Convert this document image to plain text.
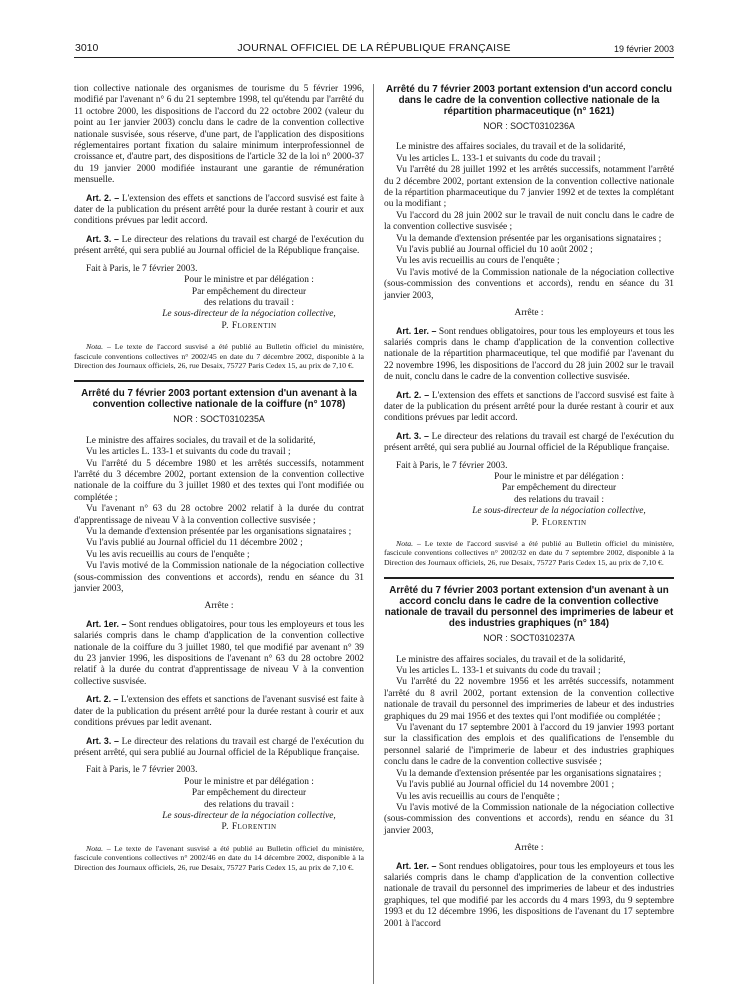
3010	JOURNAL OFFICIEL DE LA RÉPUBLIQUE FRANÇAISE	19 février 2003

tion collective nationale des organismes de tourisme du 5 février 1996, modifié par l'avenant n° 6 du 21 septembre 1998, tel qu'étendu par l'arrêté du 11 octobre 2000, les dispositions de l'accord du 22 octobre 2002 (valeur du point au 1er janvier 2003) conclu dans le cadre de la convention collective nationale susvisée, sous réserve, d'une part, de l'application des dispositions réglementaires portant fixation du salaire minimum interprofessionnel de croissance et, d'autre part, des dispositions de l'article 32 de la loi n° 2000-37 du 19 janvier 2000 modifiée instaurant une garantie de rémunération mensuelle.

Art. 2. – L'extension des effets et sanctions de l'accord susvisé est faite à dater de la publication du présent arrêté pour la durée restant à courir et aux conditions prévues par ledit accord.

Art. 3. – Le directeur des relations du travail est chargé de l'exécution du présent arrêté, qui sera publié au Journal officiel de la République française.

Fait à Paris, le 7 février 2003.

Pour le ministre et par délégation :
Par empêchement du directeur
des relations du travail :
Le sous-directeur de la négociation collective,
P. Florentin

Nota. – Le texte de l'accord susvisé a été publié au Bulletin officiel du ministère, fascicule conventions collectives n° 2002/45 en date du 7 décembre 2002, disponible à la Direction des Journaux officiels, 26, rue Desaix, 75727 Paris Cedex 15, au prix de 7,10 €.

Arrêté du 7 février 2003 portant extension d'un avenant à la convention collective nationale de la coiffure (n° 1078)
NOR : SOCT0310235A

Le ministre des affaires sociales, du travail et de la solidarité,

Vu les articles L. 133-1 et suivants du code du travail ;

Vu l'arrêté du 5 décembre 1980 et les arrêtés successifs, notamment l'arrêté du 3 décembre 2002, portant extension de la convention collective nationale de la coiffure du 3 juillet 1980 et des textes qui l'ont modifiée ou complétée ;

Vu l'avenant n° 63 du 28 octobre 2002 relatif à la durée du contrat d'apprentissage de niveau V à la convention collective susvisée ;

Vu la demande d'extension présentée par les organisations signataires ;

Vu l'avis publié au Journal officiel du 11 décembre 2002 ;

Vu les avis recueillis au cours de l'enquête ;

Vu l'avis motivé de la Commission nationale de la négociation collective (sous-commission des conventions et accords), rendu en séance du 31 janvier 2003,

Arrête :

Art. 1er. – Sont rendues obligatoires, pour tous les employeurs et tous les salariés compris dans le champ d'application de la convention collective nationale de la coiffure du 3 juillet 1980, tel que modifié par avenant n° 39 du 23 janvier 1996, les dispositions de l'avenant n° 63 du 28 octobre 2002 relatif à la durée du contrat d'apprentissage de niveau V à la convention collective susvisée.

Art. 2. – L'extension des effets et sanctions de l'avenant susvisé est faite à dater de la publication du présent arrêté pour la durée restant à courir et aux conditions prévues par ledit avenant.

Art. 3. – Le directeur des relations du travail est chargé de l'exécution du présent arrêté, qui sera publié au Journal officiel de la République française.

Fait à Paris, le 7 février 2003.

Pour le ministre et par délégation :
Par empêchement du directeur
des relations du travail :
Le sous-directeur de la négociation collective,
P. Florentin

Nota. – Le texte de l'avenant susvisé a été publié au Bulletin officiel du ministère, fascicule conventions collectives n° 2002/46 en date du 14 décembre 2002, disponible à la Direction des Journaux officiels, 26, rue Desaix, 75727 Paris Cedex 15, au prix de 7,10 €.

Arrêté du 7 février 2003 portant extension d'un accord conclu dans le cadre de la convention collective nationale de la répartition pharmaceutique (n° 1621)
NOR : SOCT0310236A

Le ministre des affaires sociales, du travail et de la solidarité,

Vu les articles L. 133-1 et suivants du code du travail ;

Vu l'arrêté du 28 juillet 1992 et les arrêtés successifs, notamment l'arrêté du 2 décembre 2002, portant extension de la convention collective nationale de la répartition pharmaceutique du 7 janvier 1992 et de textes la complétant ou la modifiant ;

Vu l'accord du 28 juin 2002 sur le travail de nuit conclu dans le cadre de la convention collective susvisée ;

Vu la demande d'extension présentée par les organisations signataires ;

Vu l'avis publié au Journal officiel du 10 août 2002 ;

Vu les avis recueillis au cours de l'enquête ;

Vu l'avis motivé de la Commission nationale de la négociation collective (sous-commission des conventions et accords), rendu en séance du 31 janvier 2003,

Arrête :

Art. 1er. – Sont rendues obligatoires, pour tous les employeurs et tous les salariés compris dans le champ d'application de la convention collective nationale de la répartition pharmaceutique, tel que modifié par l'avenant du 22 novembre 1996, les dispositions de l'accord du 28 juin 2002 sur le travail de nuit, conclu dans le cadre de la convention collective susvisée.

Art. 2. – L'extension des effets et sanctions de l'accord susvisé est faite à dater de la publication du présent arrêté pour la durée restant à courir et aux conditions prévues par ledit accord.

Art. 3. – Le directeur des relations du travail est chargé de l'exécution du présent arrêté, qui sera publié au Journal officiel de la République française.

Fait à Paris, le 7 février 2003.

Pour le ministre et par délégation :
Par empêchement du directeur
des relations du travail :
Le sous-directeur de la négociation collective,
P. Florentin

Nota. – Le texte de l'accord susvisé a été publié au Bulletin officiel du ministère, fascicule conventions collectives n° 2002/32 en date du 7 septembre 2002, disponible à la Direction des Journaux officiels, 26, rue Desaix, 75727 Paris Cedex 15, au prix de 7,10 €.

Arrêté du 7 février 2003 portant extension d'un avenant à un accord conclu dans le cadre de la convention collective nationale de travail du personnel des imprimeries de labeur et des industries graphiques (n° 184)
NOR : SOCT0310237A

Le ministre des affaires sociales, du travail et de la solidarité,

Vu les articles L. 133-1 et suivants du code du travail ;

Vu l'arrêté du 22 novembre 1956 et les arrêtés successifs, notamment l'arrêté du 8 avril 2002, portant extension de la convention collective nationale de travail du personnel des imprimeries de labeur et des industries graphiques du 29 mai 1956 et des textes qui l'ont modifiée ou complétée ;

Vu l'avenant du 17 septembre 2001 à l'accord du 19 janvier 1993 portant sur la classification des emplois et des qualifications de l'ensemble du personnel salarié de l'imprimerie de labeur et des industries graphiques conclu dans le cadre de la convention collective susvisée ;

Vu la demande d'extension présentée par les organisations signataires ;

Vu l'avis publié au Journal officiel du 14 novembre 2001 ;

Vu les avis recueillis au cours de l'enquête ;

Vu l'avis motivé de la Commission nationale de la négociation collective (sous-commission des conventions et accords), rendu en séance du 31 janvier 2003,

Arrête :

Art. 1er. – Sont rendues obligatoires, pour tous les employeurs et tous les salariés compris dans le champ d'application de la convention collective nationale de travail du personnel des imprimeries de labeur et des industries graphiques, tel que modifié par les accords du 4 mars 1993, du 9 septembre 1993 et du 12 décembre 1996, les dispositions de l'avenant du 17 septembre 2001 à l'accord
